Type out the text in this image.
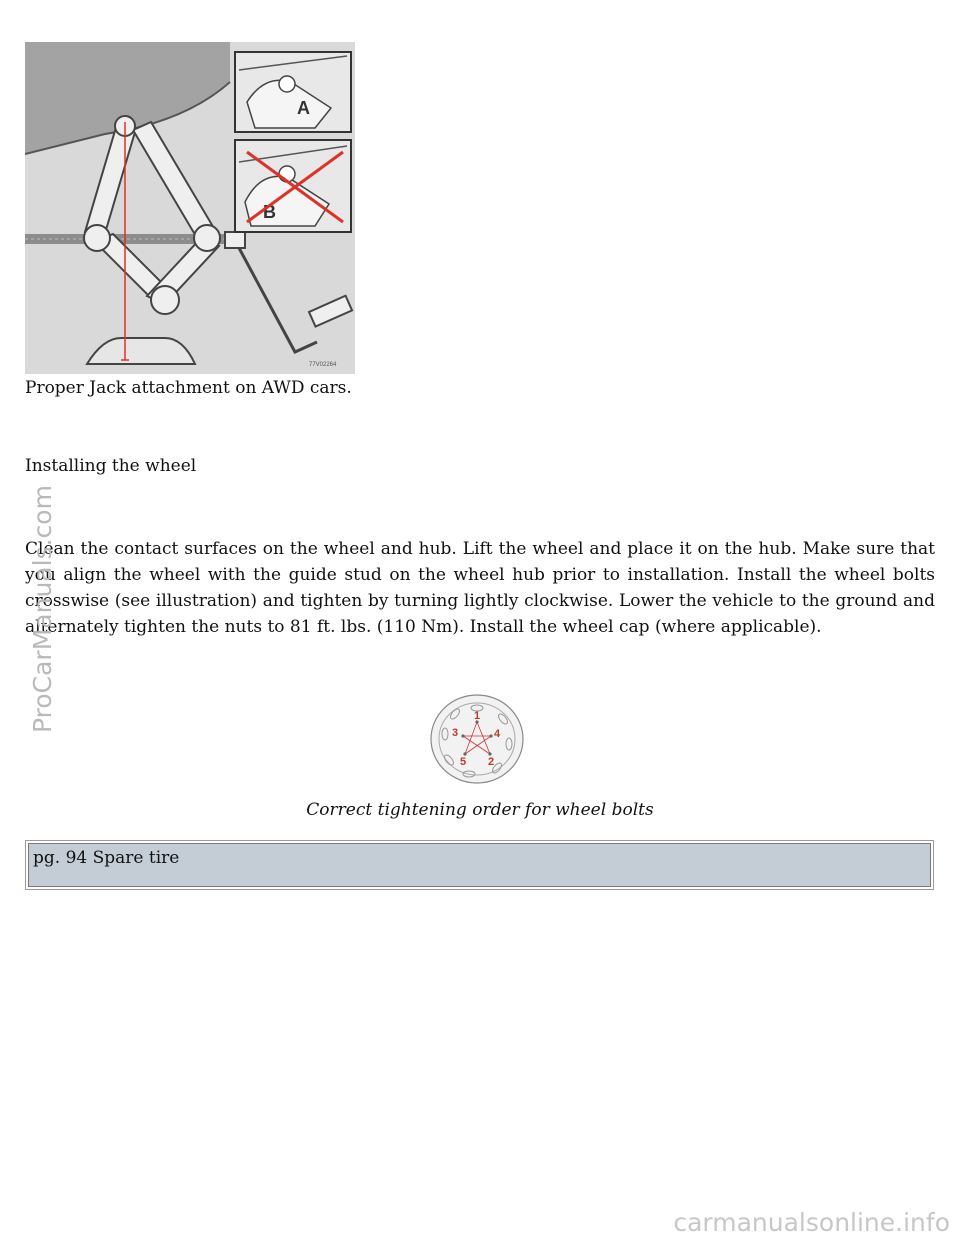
A
B
77V02264
Proper Jack attachment on AWD cars.
Installing the wheel

Clean the contact surfaces on the wheel and hub. Lift the wheel and place it on the hub. Make sure that you align the wheel with the guide stud on the wheel hub prior to installation. Install the wheel bolts crosswise (see illustration) and tighten by turning lightly clockwise. Lower the vehicle to the ground and alternately tighten the nuts to 81 ft. lbs. (110 Nm). Install the wheel cap (where applicable).

1
2
3	4
5
Correct tightening order for wheel bolts
pg. 94 Spare tire
ProCarManuals.com
carmanualsonline.info
